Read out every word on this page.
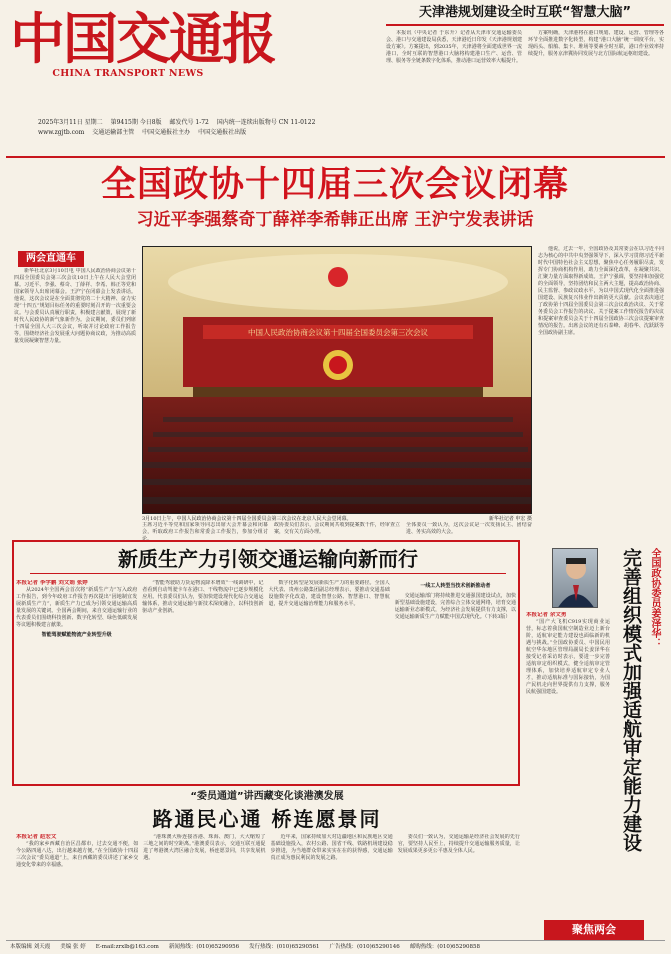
中国交通报
CHINA TRANSPORT NEWS
2025年3月11日 星期二 第9415期 今日8版 邮发代号 1-72 国内统一连续出版物号 CN 11-0122
www.zgjtb.com 交通运输部主管 中国交通报社主办 中国交通报社出版
天津港规划建设全时互联“智慧大脑”

本报讯（中央记者 于东升）记者从天津市交通运输委员会、港口与交通建设局获悉，天津港近日印发《天津港规划建设方案》。方案提出，到2035年，天津港将全面建成世界一流港口，全时互联的智慧港口大脑将构建港口生产、运营、管理、服务等全链条数字化体系，推动港口运营效率大幅提升。

方案明确，天津港将在港口规划、建设、运营、管理等各环节全面推进数字化转型，构建“港口大脑”统一调度平台，实现码头、船舶、集卡、堆场等要素全时互联，港口作业效率持续提升，服务京津冀协同发展与北方国际航运枢纽建设。

全国政协十四届三次会议闭幕
习近平李强蔡奇丁薛祥李希韩正出席 王沪宁发表讲话
两会直通车

新华社北京3月10日电 中国人民政治协商会议第十四届全国委员会第三次会议10日上午在人民大会堂闭幕。习近平、李强、蔡奇、丁薛祥、李希、韩正等党和国家领导人出席闭幕会。王沪宁在闭幕会上发表讲话。他说，这次会议是在全面贯彻党的二十大精神、奋力实现“十四五”规划目标任务的重要时刻召开的一次重要会议。与会委员认真履行职责，积极建言献策，展现了新时代人民政协的新气象新作为。会议期间，委员们列席十四届全国人大三次会议，听取并讨论政府工作报告等，围绕经济社会发展重大问题协商议政，为推动高质量发展凝聚智慧力量。

中国人民政治协商会议第十四届全国委员会第三次会议
3月10日上午，中国人民政治协商会议第十四届全国委员会第三次会议在北京人民大会堂闭幕。	新华社记者 申宏 摄

他说，过去一年，全国政协及其常委会在以习近平同志为核心的中共中央坚强领导下，深入学习贯彻习近平新时代中国特色社会主义思想，聚焦中心任务履职尽责，发挥专门协商机构作用，助力全面深化改革，在凝聚共识、汇聚力量方面取得新成效。王沪宁强调，要坚持和加强党的全面领导，坚持团结和民主两大主题，提高政治协商、民主监督、参政议政水平，为以中国式现代化全面推进强国建设、民族复兴伟业作出新的更大贡献。会议表决通过了政协第十四届全国委员会第三次会议政治决议、关于常务委员会工作报告的决议、关于提案工作情况报告的决议和提案审查委员会关于十四届全国政协三次会议提案审查情况的报告。出席会议的还有石泰峰、胡春华、沈跃跃等全国政协副主席。

主席习近平等党和国家领导同志出席大会开幕会和闭幕会，听取政府工作报告和常委会工作报告，参加分组讨论。
政协委员们表示，会议期间共收到提案数千件，经审查立案，交有关方面办理。
全体委员一致认为，这次会议是一次发扬民主、团结奋进、务实高效的大会。
新质生产力引领交通运输向新而行
本报记者 李学鹏 刘文娟 张婷

从2024年全国两会首次将“新质生产力”写入政府工作报告，到今年政府工作报告再次提出“因地制宜发展新质生产力”，新质生产力已成为引领交通运输高质量发展的关键词。全国两会期间，来自交通运输行业的代表委员们围绕科技创新、数字化转型、绿色低碳发展等议题积极建言献策。

智能驾驶赋能物流产业转型升级

“智能驾驶助力货运物流降本增效”一线调研中，记者看到自动驾驶卡车在港口、干线物流中已逐步规模化应用。代表委员们认为，要加快建设现代化综合交通运输体系，推动交通运输与新技术深度融合，以科技创新驱动产业创新。

数字化转型是发展新质生产力的重要路径。全国人大代表、贵州公路集团副总经理表示，要推动交通基础设施数字化改造，建设智慧公路、智慧港口、智慧航道，提升交通运输治理能力和服务水平。

一线工人转型当技术创新推动者

交通运输部门将持续推进交通强国建设试点，加快新型基础设施建设，完善综合立体交通网络，培育交通运输新业态新模式，为经济社会发展提供有力支撑，以交通运输新质生产力赋能中国式现代化。（下转3版）	完善组织模式加强适航审定能力建设 全国政协委员姜泽华：
本报记者 余文勇

“国产大飞机C919实现商业运营，标志着我国航空制造业迈上新台阶，适航审定能力建设也面临新的机遇与挑战。”全国政协委员、中国民用航空华东地区管理局副局长姜泽华在接受记者采访时表示，要进一步完善适航审定组织模式，健全适航审定管理体系，加快培养适航审定专业人才，推动适航标准与国际接轨，为国产民机走向世界提供有力支撑，服务民航强国建设。

“委员通道”讲西藏变化谈港澳发展
路通民心通 桥连愿景同
本报记者 赵宏文

“我的家乡西藏自治区昌都市，过去交通不便，如今公路四通八达，出行越来越方便。”在全国政协十四届三次会议“委员通道”上，来自西藏的委员讲述了家乡交通变化带来的幸福感。

“港珠澳大桥连接香港、珠海、澳门，大大缩短了三地之间的时空距离。”港澳委员表示，交通互联互通促进了粤港澳大湾区融合发展，桥连愿景同，共享发展机遇。

近年来，国家持续加大对边疆地区和民族地区交通基础设施投入，农村公路、国省干线、铁路机场建设稳步推进，为当地群众带来实实在在的获得感，交通运输真正成为惠民利民的发展之路。

委员们一致认为，交通运输是经济社会发展的先行官，要坚持人民至上，持续提升交通运输服务质量，让发展成果更多更公平惠及全体人民。

聚焦两会
本版编辑 刘天霞 美编 张 婷 E-mail:zrxlb@163.com 新闻热线：(010)65290956 发行热线：(010)65290561 广告热线：(010)65290146 邮购热线：(010)65290858
